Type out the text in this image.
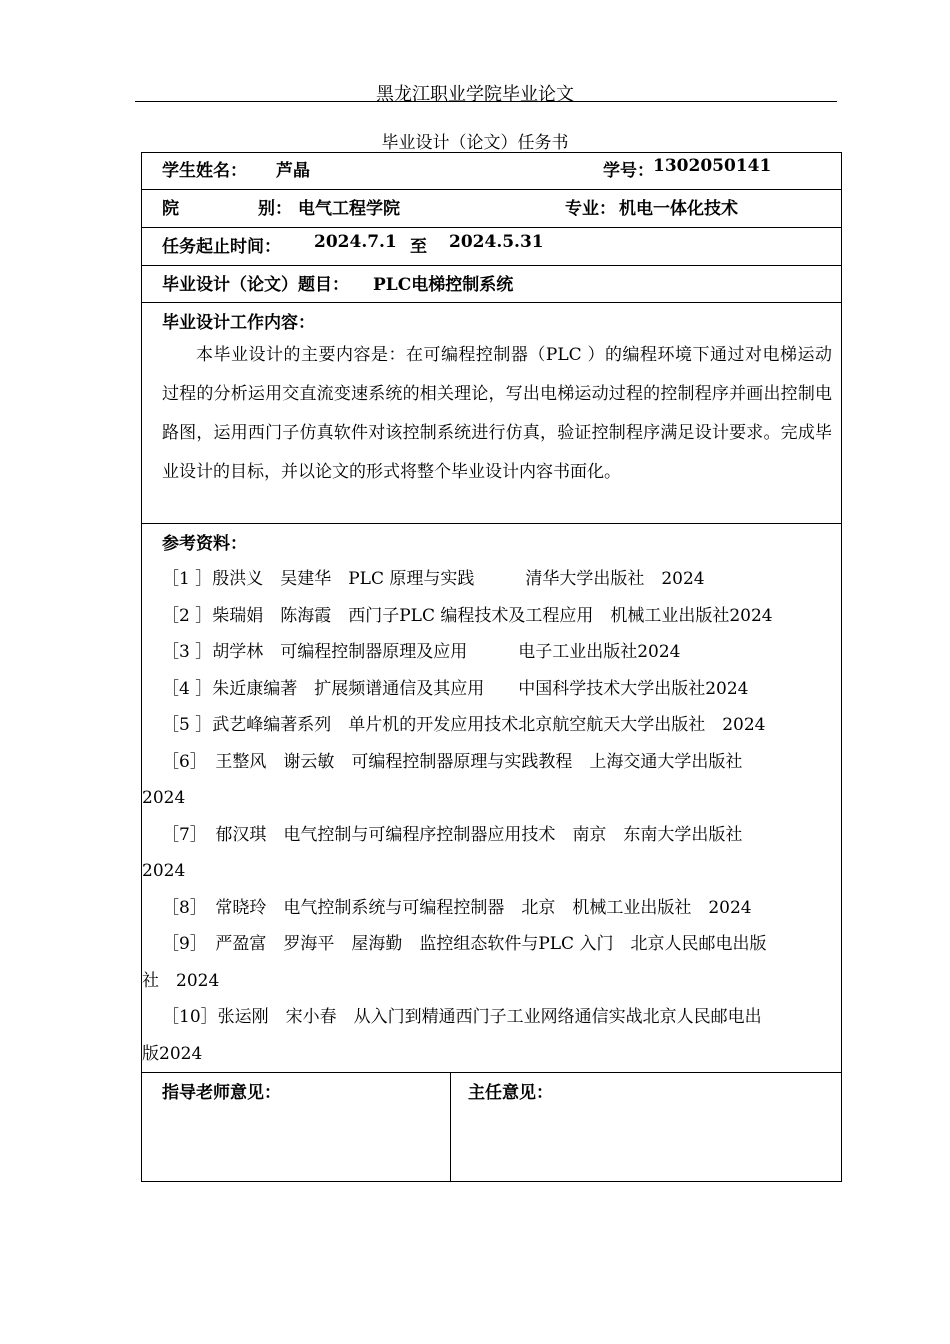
黑龙江职业学院毕业论文
毕业设计（论文）任务书
学生姓名： 芦晶	学号： 1302050141
院	别： 电气工程学院	专业： 机电一体化技术
任务起止时间： 2024.7.1 至 2024.5.31
毕业设计（论文）题目： PLC电梯控制系统
毕业设计工作内容：

本毕业设计的主要内容是：在可编程控制器（PLC ）的编程环境下通过对电梯运动过程的分析运用交直流变速系统的相关理论，写出电梯运动过程的控制程序并画出控制电路图，运用西门子仿真软件对该控制系统进行仿真，验证控制程序满足设计要求。完成毕业设计的目标，并以论文的形式将整个毕业设计内容书面化。

参考资料：
［1 ］殷洪义　吴建华　PLC 原理与实践　　　清华大学出版社　2024
［2 ］柴瑞娟　陈海霞　西门子PLC 编程技术及工程应用　机械工业出版社2024
［3 ］胡学林　可编程控制器原理及应用　　　电子工业出版社2024
［4 ］朱近康编著　扩展频谱通信及其应用　　中国科学技术大学出版社2024
［5 ］武艺峰编著系列　单片机的开发应用技术北京航空航天大学出版社　2024
［6］　王整风　谢云敏　可编程控制器原理与实践教程　上海交通大学出版社
2024
［7］　郁汉琪　电气控制与可编程序控制器应用技术　南京　东南大学出版社
2024
［8］　常晓玲　电气控制系统与可编程控制器　北京　机械工业出版社　2024
［9］　严盈富　罗海平　屋海勤　监控组态软件与PLC 入门　北京人民邮电出版
社　2024
［10］张运刚　宋小春　从入门到精通西门子工业网络通信实战北京人民邮电出
版2024
指导老师意见：	主任意见：
